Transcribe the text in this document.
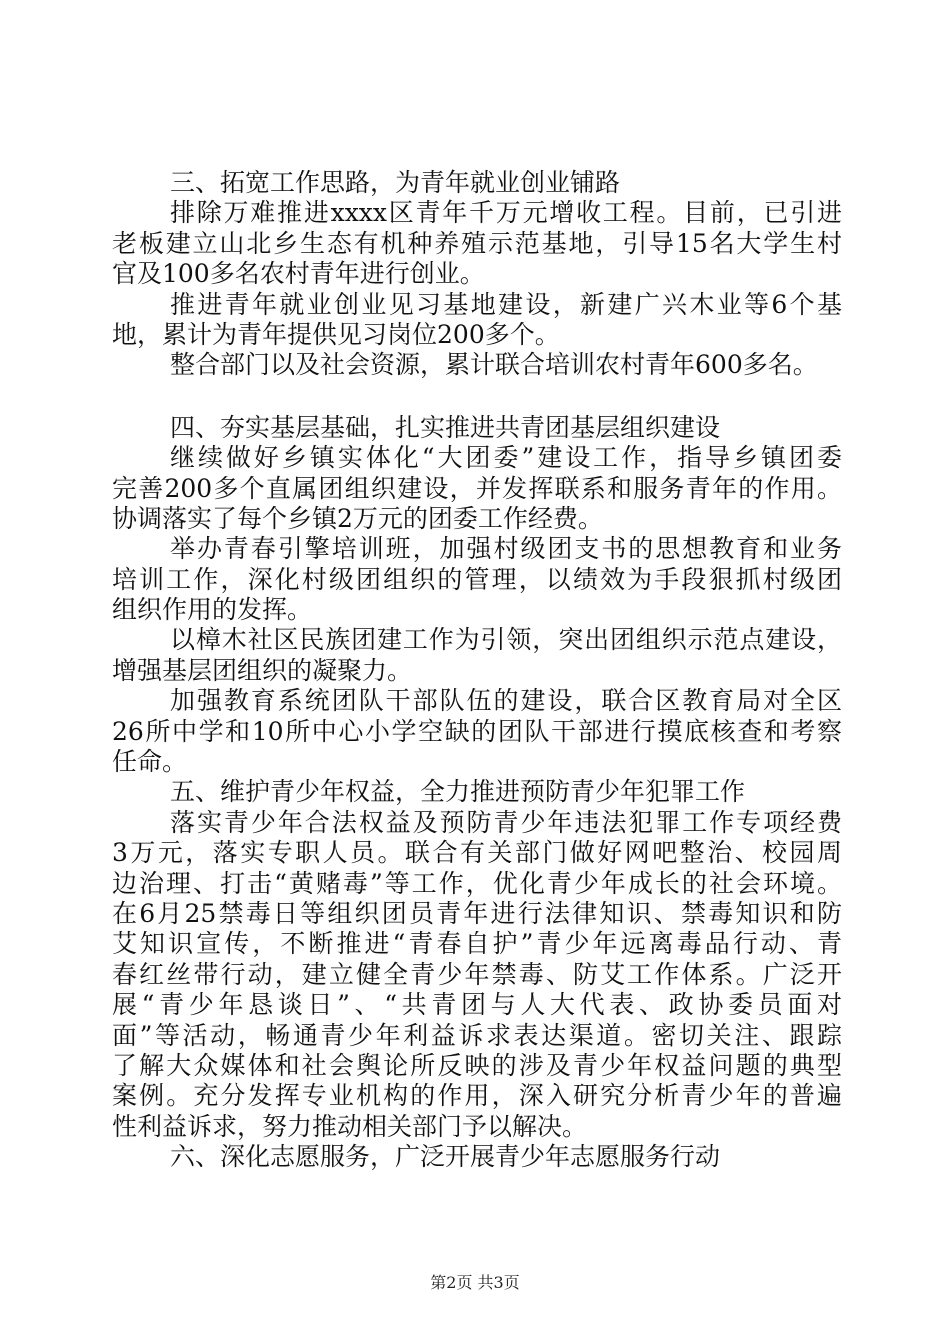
三、拓宽工作思路，为青年就业创业铺路
排除万难推进xxxx区青年千万元增收工程。目前，已引进
老板建立山北乡生态有机种养殖示范基地，引导15名大学生村
官及100多名农村青年进行创业。
推进青年就业创业见习基地建设，新建广兴木业等6个基
地，累计为青年提供见习岗位200多个。
整合部门以及社会资源，累计联合培训农村青年600多名。
四、夯实基层基础，扎实推进共青团基层组织建设
继续做好乡镇实体化“大团委”建设工作，指导乡镇团委
完善200多个直属团组织建设，并发挥联系和服务青年的作用。
协调落实了每个乡镇2万元的团委工作经费。
举办青春引擎培训班，加强村级团支书的思想教育和业务
培训工作，深化村级团组织的管理，以绩效为手段狠抓村级团
组织作用的发挥。
以樟木社区民族团建工作为引领，突出团组织示范点建设，
增强基层团组织的凝聚力。
加强教育系统团队干部队伍的建设，联合区教育局对全区
26所中学和10所中心小学空缺的团队干部进行摸底核查和考察
任命。
五、维护青少年权益，全力推进预防青少年犯罪工作
落实青少年合法权益及预防青少年违法犯罪工作专项经费
3万元，落实专职人员。联合有关部门做好网吧整治、校园周
边治理、打击“黄赌毒”等工作，优化青少年成长的社会环境。
在6月25禁毒日等组织团员青年进行法律知识、禁毒知识和防
艾知识宣传，不断推进“青春自护”青少年远离毒品行动、青
春红丝带行动，建立健全青少年禁毒、防艾工作体系。广泛开
展“青少年恳谈日”、“共青团与人大代表、政协委员面对
面”等活动，畅通青少年利益诉求表达渠道。密切关注、跟踪
了解大众媒体和社会舆论所反映的涉及青少年权益问题的典型
案例。充分发挥专业机构的作用，深入研究分析青少年的普遍
性利益诉求，努力推动相关部门予以解决。
六、深化志愿服务，广泛开展青少年志愿服务行动
第2页 共3页
